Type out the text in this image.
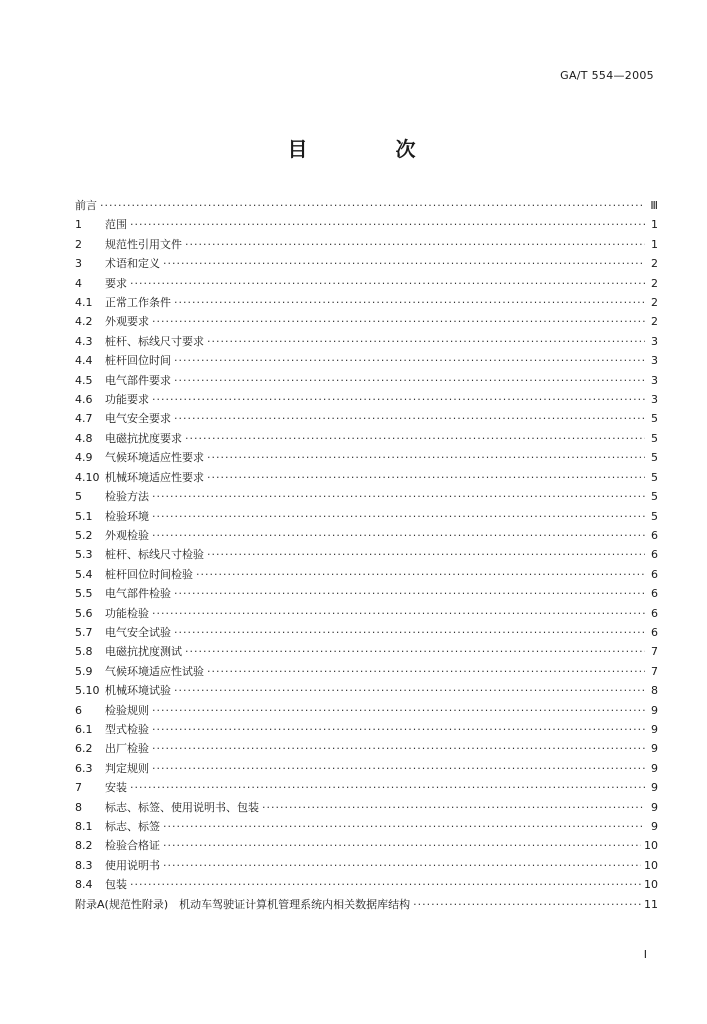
GA/T 554—2005
目　次
前言 ·····	Ⅲ
1	范围 ·····	1
2	规范性引用文件 ·····	1
3	术语和定义 ·····	2
4	要求 ·····	2
4.1	正常工作条件 ·····	2
4.2	外观要求 ·····	2
4.3	桩杆、标线尺寸要求 ·····	3
4.4	桩杆回位时间 ·····	3
4.5	电气部件要求 ·····	3
4.6	功能要求 ·····	3
4.7	电气安全要求 ·····	5
4.8	电磁抗扰度要求 ·····	5
4.9	气候环境适应性要求 ·····	5
4.10 机械环境适应性要求 ·····	5
5	检验方法 ·····	5
5.1	检验环境 ·····	5
5.2	外观检验 ·····	6
5.3	桩杆、标线尺寸检验 ·····	6
5.4	桩杆回位时间检验 ·····	6
5.5	电气部件检验 ·····	6
5.6	功能检验 ·····	6
5.7	电气安全试验 ·····	6
5.8	电磁抗扰度测试 ·····	7
5.9	气候环境适应性试验 ·····	7
5.10 机械环境试验 ·····	8
6	检验规则 ·····	9
6.1	型式检验 ·····	9
6.2	出厂检验 ·····	9
6.3	判定规则 ·····	9
7	安装 ·····	9
8	标志、标签、使用说明书、包装 ·····	9
8.1	标志、标签 ·····	9
8.2	检验合格证 ·····	10
8.3	使用说明书 ·····	10
8.4	包装 ·····	10
附录A(规范性附录)　机动车驾驶证计算机管理系统内相关数据库结构 ·····	11
Ⅰ
